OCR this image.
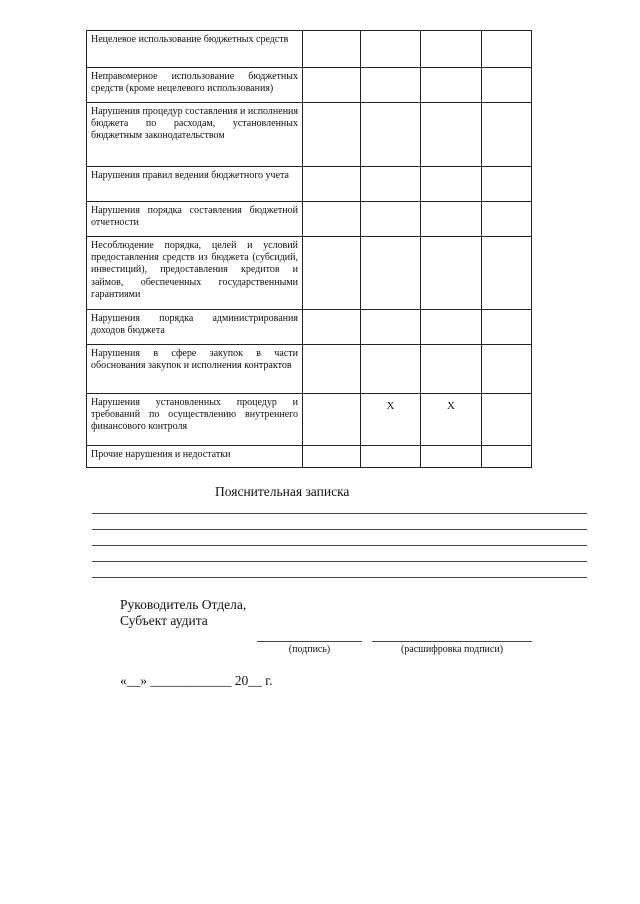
Нецелевое использование бюджетных средств				
Неправомерное использование бюджетных средств (кроме нецелевого использования)				
Нарушения процедур составления и исполнения бюджета по расходам, установленных бюджетным законодательством				
Нарушения правил ведения бюджетного учета				
Нарушения порядка составления бюджетной отчетности				
Несоблюдение порядка, целей и условий предоставления средств из бюджета (субсидий, инвестиций), предоставления кредитов и займов, обеспеченных государственными гарантиями				
Нарушения порядка администрирования доходов бюджета				
Нарушения в сфере закупок в части обоснования закупок и исполнения контрактов				
Нарушения установленных процедур и требований по осуществлению внутреннего финансового контроля		X	X	
Прочие нарушения и недостатки				
Пояснительная записка
Руководитель Отдела,
Субъект аудита
(подпись)	(расшифровка подписи)
«__» ____________ 20__ г.
